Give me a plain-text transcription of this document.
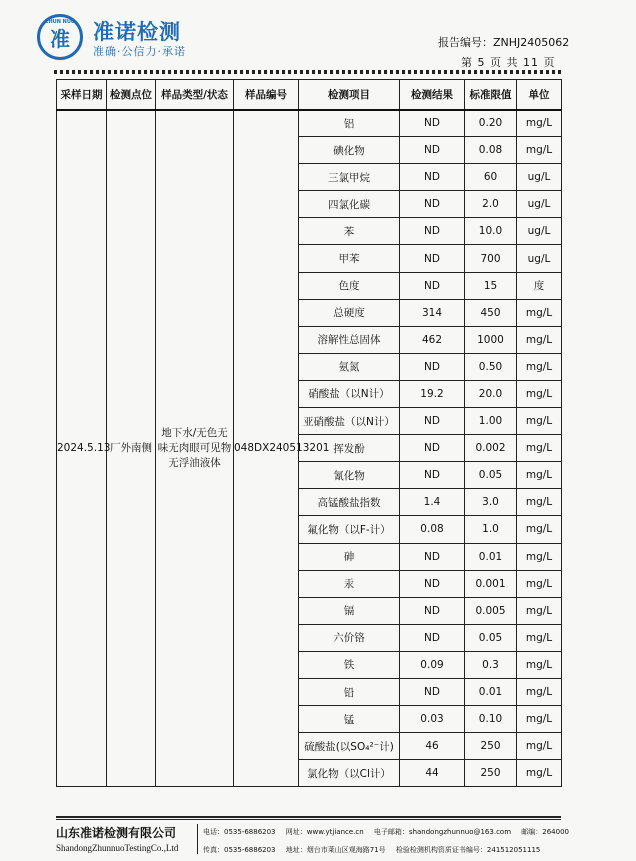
ZHUN NUO
准 准诺检测
准确·公信力·承诺
报告编号：ZNHJ2405062
第 5 页 共 11 页
采样日期	检测点位	样品类型/状态	样品编号	检测项目	检测结果	标准限值	单位
2024.5.13	厂外南侧	地下水/无色无味无肉眼可见物无浮油液体	048DX240513201	铝	ND	0.20	mg/L
				碘化物	ND	0.08	mg/L
				三氯甲烷	ND	60	ug/L
				四氯化碳	ND	2.0	ug/L
				苯	ND	10.0	ug/L
				甲苯	ND	700	ug/L
				色度	ND	15	度
				总硬度	314	450	mg/L
				溶解性总固体	462	1000	mg/L
				氨氮	ND	0.50	mg/L
				硝酸盐（以N计）	19.2	20.0	mg/L
				亚硝酸盐（以N计）	ND	1.00	mg/L
				挥发酚	ND	0.002	mg/L
				氰化物	ND	0.05	mg/L
				高锰酸盐指数	1.4	3.0	mg/L
				氟化物（以F-计）	0.08	1.0	mg/L
				砷	ND	0.01	mg/L
				汞	ND	0.001	mg/L
				镉	ND	0.005	mg/L
				六价铬	ND	0.05	mg/L
				铁	0.09	0.3	mg/L
				铅	ND	0.01	mg/L
				锰	0.03	0.10	mg/L
				硫酸盐(以SO₄²⁻计)	46	250	mg/L
				氯化物（以Cl计）	44	250	mg/L
山东准诺检测有限公司
ShandongZhunnuoTestingCo.,Ltd
电话：0535-6886203 网址：www.ytjiance.cn 电子邮箱：shandongzhunnuo@163.com 邮编：264000
传真：0535-6886203 地址：烟台市莱山区观海路71号 检验检测机构资质证书编号：241512051115
